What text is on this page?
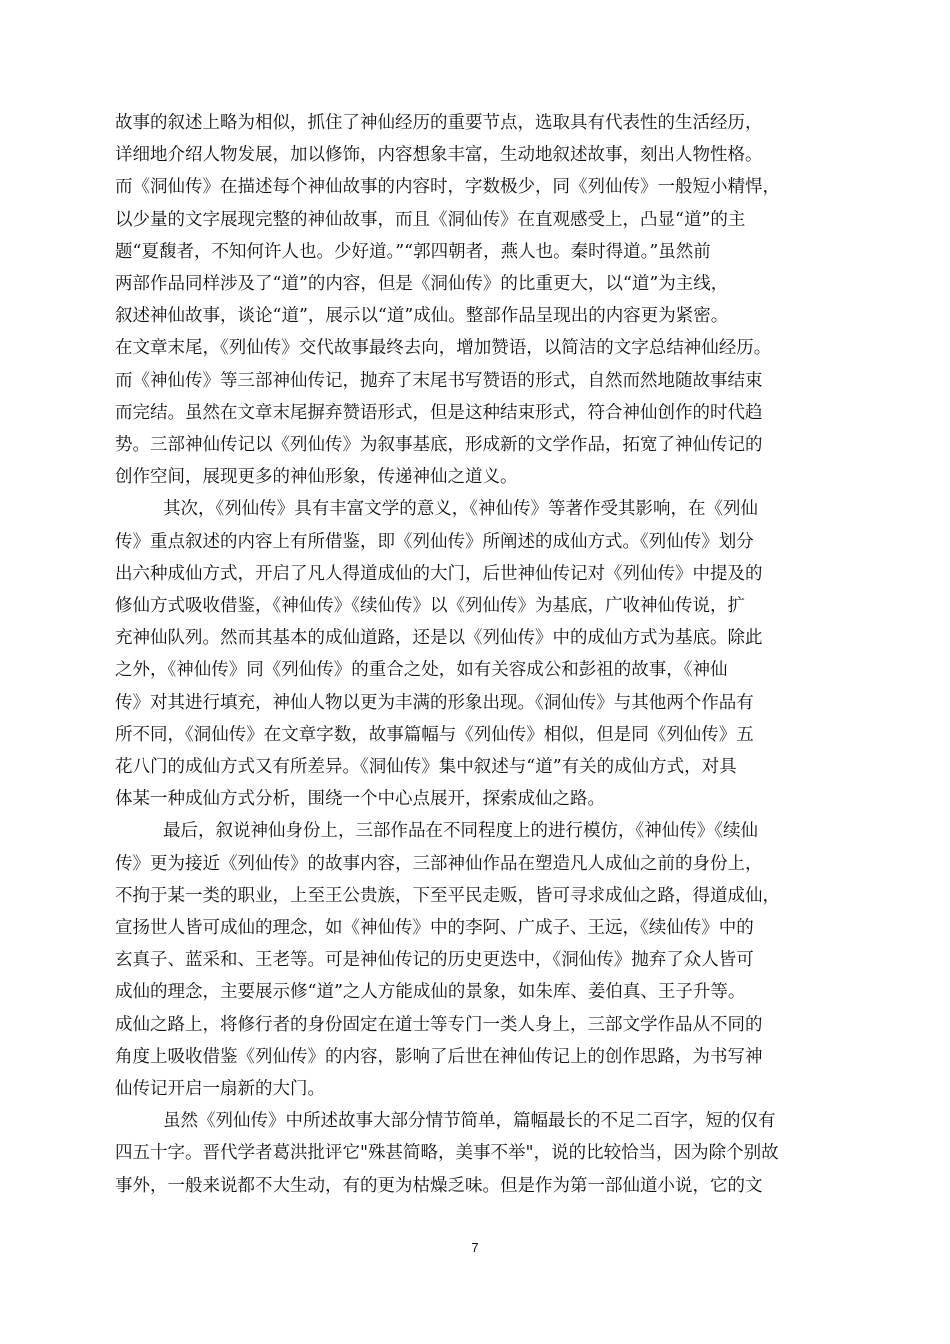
故事的叙述上略为相似，抓住了神仙经历的重要节点，选取具有代表性的生活经历，
详细地介绍人物发展，加以修饰，内容想象丰富，生动地叙述故事，刻出人物性格。
而《洞仙传》在描述每个神仙故事的内容时，字数极少，同《列仙传》一般短小精悍，
以少量的文字展现完整的神仙故事，而且《洞仙传》在直观感受上，凸显“道”的主
题“夏馥者，不知何许人也。少好道。”“郭四朝者，燕人也。秦时得道。”虽然前
两部作品同样涉及了“道”的内容，但是《洞仙传》的比重更大，以“道”为主线，
叙述神仙故事，谈论“道”，展示以“道”成仙。整部作品呈现出的内容更为紧密。
在文章末尾，《列仙传》交代故事最终去向，增加赞语，以简洁的文字总结神仙经历。
而《神仙传》等三部神仙传记，抛弃了末尾书写赞语的形式，自然而然地随故事结束
而完结。虽然在文章末尾摒弃赞语形式，但是这种结束形式，符合神仙创作的时代趋
势。三部神仙传记以《列仙传》为叙事基底，形成新的文学作品，拓宽了神仙传记的
创作空间，展现更多的神仙形象，传递神仙之道义。
其次，《列仙传》具有丰富文学的意义，《神仙传》等著作受其影响，在《列仙
传》重点叙述的内容上有所借鉴，即《列仙传》所阐述的成仙方式。《列仙传》划分
出六种成仙方式，开启了凡人得道成仙的大门，后世神仙传记对《列仙传》中提及的
修仙方式吸收借鉴，《神仙传》《续仙传》以《列仙传》为基底，广收神仙传说，扩
充神仙队列。然而其基本的成仙道路，还是以《列仙传》中的成仙方式为基底。除此
之外，《神仙传》同《列仙传》的重合之处，如有关容成公和彭祖的故事，《神仙
传》对其进行填充，神仙人物以更为丰满的形象出现。《洞仙传》与其他两个作品有
所不同，《洞仙传》在文章字数，故事篇幅与《列仙传》相似，但是同《列仙传》五
花八门的成仙方式又有所差异。《洞仙传》集中叙述与“道”有关的成仙方式，对具
体某一种成仙方式分析，围绕一个中心点展开，探索成仙之路。
最后，叙说神仙身份上，三部作品在不同程度上的进行模仿，《神仙传》《续仙
传》更为接近《列仙传》的故事内容，三部神仙作品在塑造凡人成仙之前的身份上，
不拘于某一类的职业，上至王公贵族，下至平民走贩，皆可寻求成仙之路，得道成仙，
宣扬世人皆可成仙的理念，如《神仙传》中的李阿、广成子、王远，《续仙传》中的
玄真子、蓝采和、王老等。可是神仙传记的历史更迭中，《洞仙传》抛弃了众人皆可
成仙的理念，主要展示修“道”之人方能成仙的景象，如朱库、姜伯真、王子升等。
成仙之路上，将修行者的身份固定在道士等专门一类人身上，三部文学作品从不同的
角度上吸收借鉴《列仙传》的内容，影响了后世在神仙传记上的创作思路，为书写神
仙传记开启一扇新的大门。
虽然《列仙传》中所述故事大部分情节简单，篇幅最长的不足二百字，短的仅有
四五十字。晋代学者葛洪批评它"殊甚简略，美事不举"，说的比较恰当，因为除个别故
事外，一般来说都不大生动，有的更为枯燥乏味。但是作为第一部仙道小说，它的文
7
